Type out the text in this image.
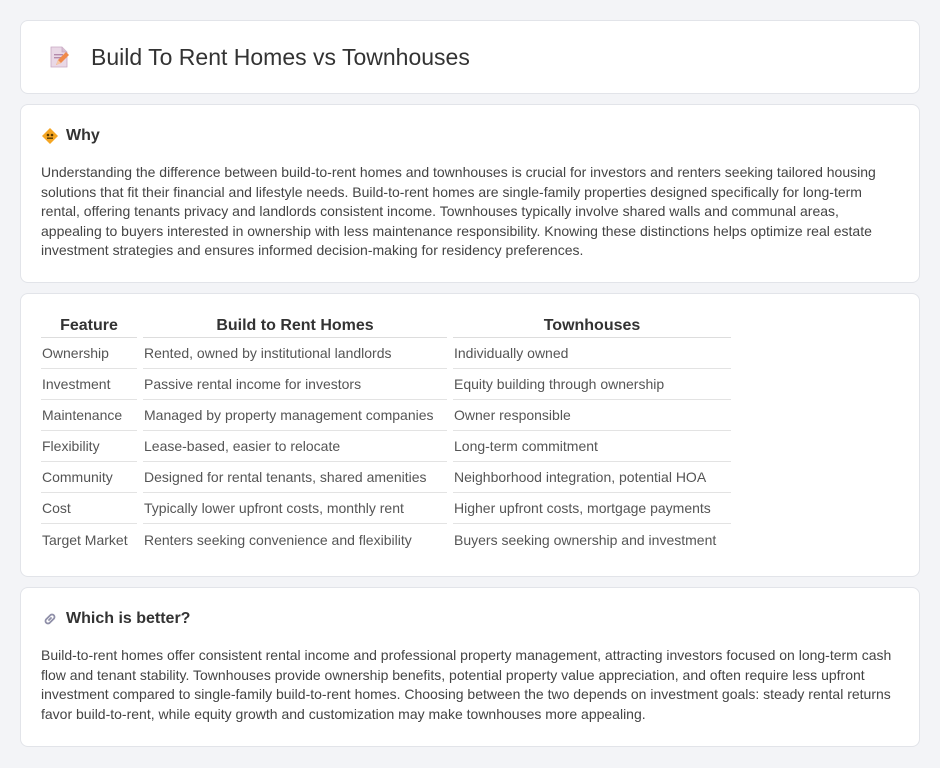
Build To Rent Homes vs Townhouses
Why

Understanding the difference between build-to-rent homes and townhouses is crucial for investors and renters seeking tailored housing solutions that fit their financial and lifestyle needs. Build-to-rent homes are single-family properties designed specifically for long-term rental, offering tenants privacy and landlords consistent income. Townhouses typically involve shared walls and communal areas, appealing to buyers interested in ownership with less maintenance responsibility. Knowing these distinctions helps optimize real estate investment strategies and ensures informed decision-making for residency preferences.

Feature	Build to Rent Homes	Townhouses
Ownership	Rented, owned by institutional landlords	Individually owned
Investment	Passive rental income for investors	Equity building through ownership
Maintenance	Managed by property management companies	Owner responsible
Flexibility	Lease-based, easier to relocate	Long-term commitment
Community	Designed for rental tenants, shared amenities	Neighborhood integration, potential HOA
Cost	Typically lower upfront costs, monthly rent	Higher upfront costs, mortgage payments
Target Market	Renters seeking convenience and flexibility	Buyers seeking ownership and investment
Which is better?

Build-to-rent homes offer consistent rental income and professional property management, attracting investors focused on long-term cash flow and tenant stability. Townhouses provide ownership benefits, potential property value appreciation, and often require less upfront investment compared to single-family build-to-rent homes. Choosing between the two depends on investment goals: steady rental returns favor build-to-rent, while equity growth and customization may make townhouses more appealing.
